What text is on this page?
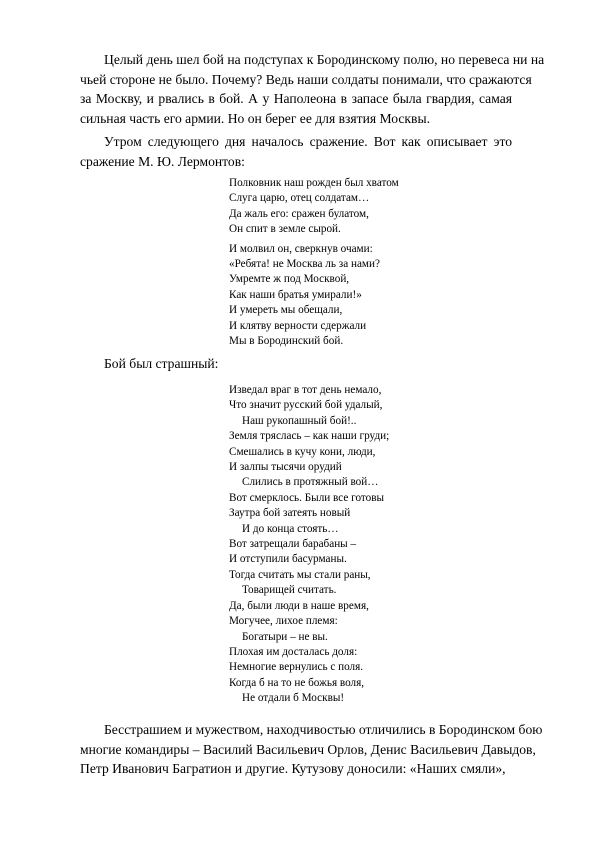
Целый день шел бой на подступах к Бородинскому полю, но перевеса ни на
чьей стороне не было. Почему? Ведь наши солдаты понимали, что сражаются
за Москву, и рвались в бой. А у Наполеона в запасе была гвардия, самая
сильная часть его армии. Но он берег ее для взятия Москвы.
Утром следующего дня началось сражение. Вот как описывает это
сражение М. Ю. Лермонтов:
Полковник наш рожден был хватом
Слуга царю, отец солдатам…
Да жаль его: сражен булатом,
Он спит в земле сырой.
И молвил он, сверкнув очами:
«Ребята! не Москва ль за нами?
Умремте ж под Москвой,
Как наши братья умирали!»
И умереть мы обещали,
И клятву верности сдержали
Мы в Бородинский бой.

Бой был страшный:

Изведал враг в тот день немало,
Что значит русский бой удалый,
Наш рукопашный бой!..
Земля тряслась – как наши груди;
Смешались в кучу кони, люди,
И залпы тысячи орудий
Слились в протяжный вой…
Вот смерклось. Были все готовы
Заутра бой затеять новый
И до конца стоять…
Вот затрещали барабаны –
И отступили басурманы.
Тогда считать мы стали раны,
Товарищей считать.
Да, были люди в наше время,
Могучее, лихое племя:
Богатыри – не вы.
Плохая им досталась доля:
Немногие вернулись с поля.
Когда б на то не божья воля,
Не отдали б Москвы!
Бесстрашием и мужеством, находчивостью отличились в Бородинском бою
многие командиры – Василий Васильевич Орлов, Денис Васильевич Давыдов,
Петр Иванович Багратион и другие. Кутузову доносили: «Наших смяли»,
